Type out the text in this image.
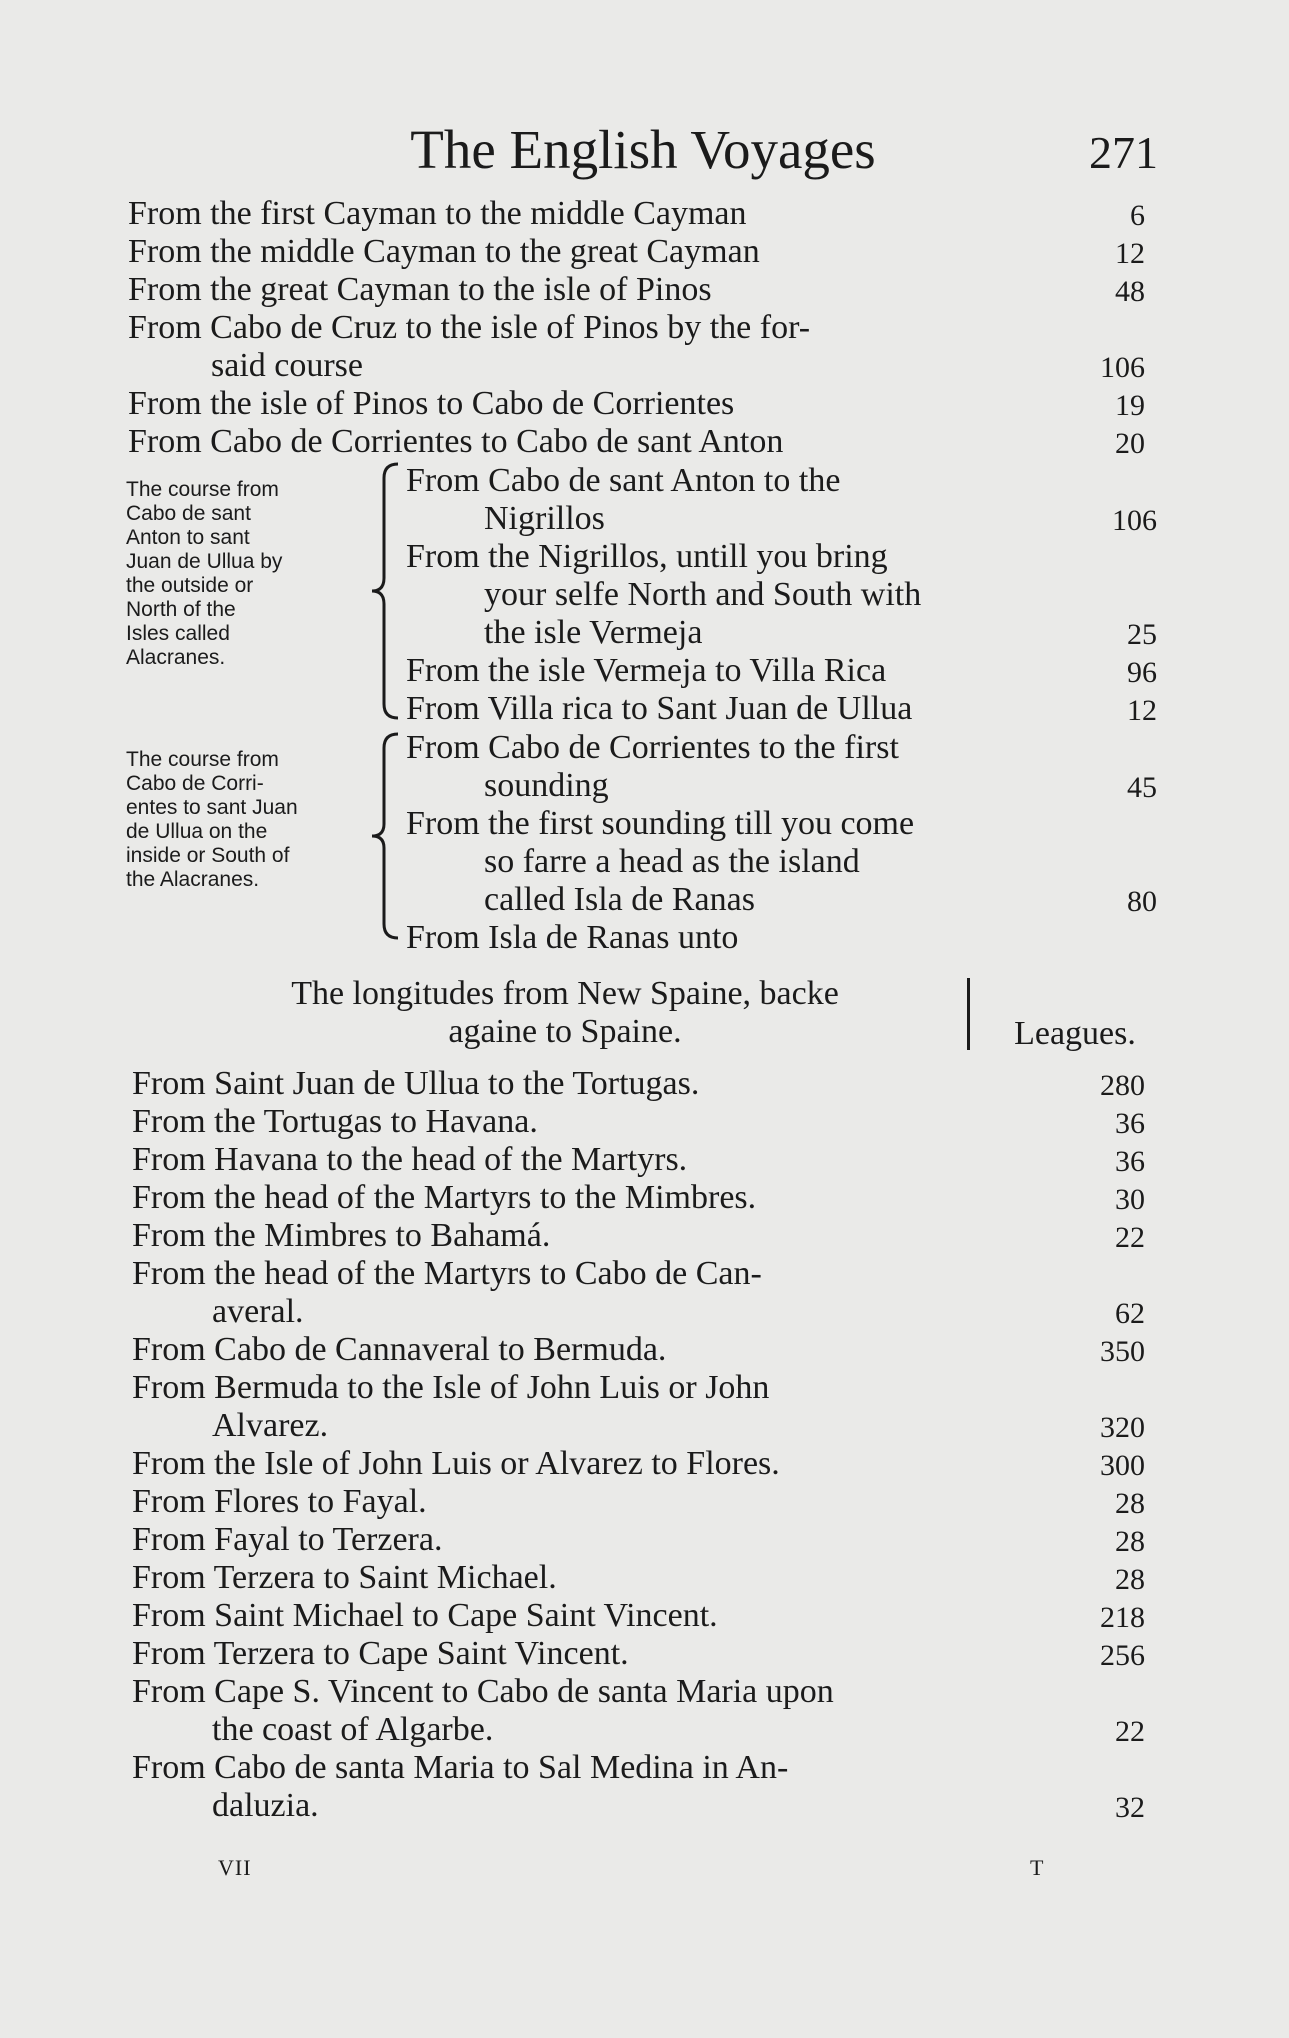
The English Voyages	271
From the first Cayman to the middle Cayman	6
From the middle Cayman to the great Cayman	12
From the great Cayman to the isle of Pinos	48
From Cabo de Cruz to the isle of Pinos by the for-
said course	106
From the isle of Pinos to Cabo de Corrientes	19
From Cabo de Corrientes to Cabo de sant Anton	20
From Cabo de sant Anton to the
Nigrillos	106
From the Nigrillos, untill you bring
your selfe North and South with
the isle Vermeja	25
From the isle Vermeja to Villa Rica	96
From Villa rica to Sant Juan de Ullua	12
From Cabo de Corrientes to the first
sounding	45
From the first sounding till you come
so farre a head as the island
called Isla de Ranas	80
From Isla de Ranas unto
From Saint Juan de Ullua to the Tortugas.	280
From the Tortugas to Havana.	36
From Havana to the head of the Martyrs.	36
From the head of the Martyrs to the Mimbres.	30
From the Mimbres to Bahamá.	22
From the head of the Martyrs to Cabo de Can-
averal.	62
From Cabo de Cannaveral to Bermuda.	350
From Bermuda to the Isle of John Luis or John
Alvarez.	320
From the Isle of John Luis or Alvarez to Flores.	300
From Flores to Fayal.	28
From Fayal to Terzera.	28
From Terzera to Saint Michael.	28
From Saint Michael to Cape Saint Vincent.	218
From Terzera to Cape Saint Vincent.	256
From Cape S. Vincent to Cabo de santa Maria upon
the coast of Algarbe.	22
From Cabo de santa Maria to Sal Medina in An-
daluzia.	32
The course from
Cabo de sant
Anton to sant
Juan de Ullua by
the outside or
North of the
Isles called
Alacranes.
The course from
Cabo de Corri-
entes to sant Juan
de Ullua on the
inside or South of
the Alacranes.
The longitudes from New Spaine, backe
againe to Spaine.	Leagues.
VII	T
